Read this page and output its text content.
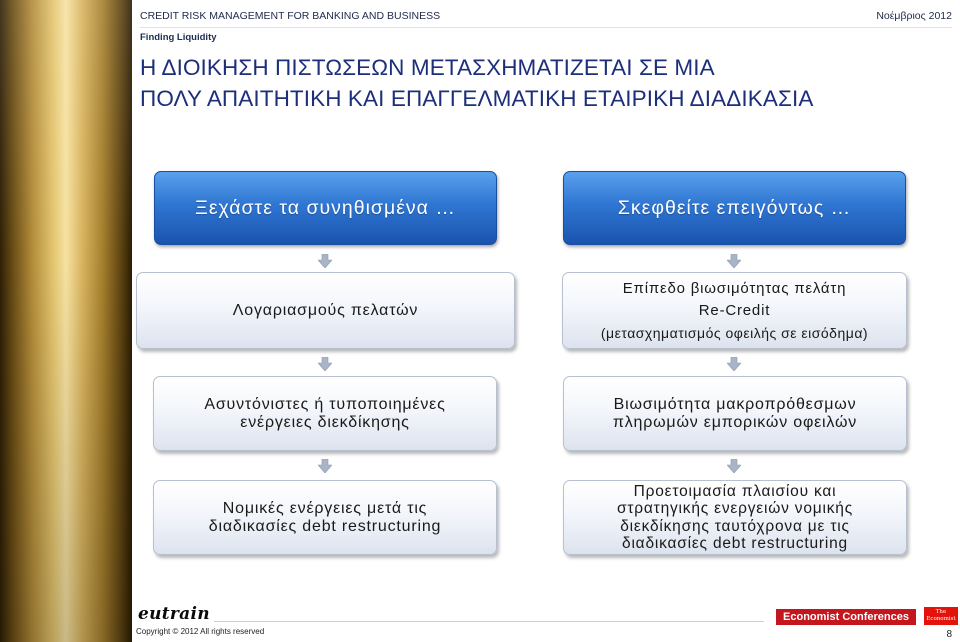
CREDIT RISK MANAGEMENT FOR BANKING AND BUSINESS	Νοέμβριος 2012
Finding Liquidity
Η ΔΙΟΙΚΗΣΗ ΠΙΣΤΩΣΕΩΝ ΜΕΤΑΣΧΗΜΑΤΙΖΕΤΑΙ ΣΕ ΜΙΑ
ΠΟΛΥ ΑΠΑΙΤΗΤΙΚΗ ΚΑΙ ΕΠΑΓΓΕΛΜΑΤΙΚΗ ΕΤΑΙΡΙΚΗ ΔΙΑΔΙΚΑΣΙΑ
Ξεχάστε τα συνηθισμένα …
Λογαριασμούς πελατών
Ασυντόνιστες ή τυποποιημένες
ενέργειες διεκδίκησης
Νομικές ενέργειες μετά τις
διαδικασίες debt restructuring
Σκεφθείτε επειγόντως …
Επίπεδο βιωσιμότητας πελάτη
Re-Credit
(μετασχηματισμός οφειλής σε εισόδημα)
Βιωσιμότητα μακροπρόθεσμων
πληρωμών εμπορικών οφειλών
Προετοιμασία πλαισίου και
στρατηγικής ενεργειών νομικής
διεκδίκησης ταυτόχρονα με τις
διαδικασίες debt restructuring
eutrain
Copyright © 2012 All rights reserved
Economist Conferences	The
Economist
8
